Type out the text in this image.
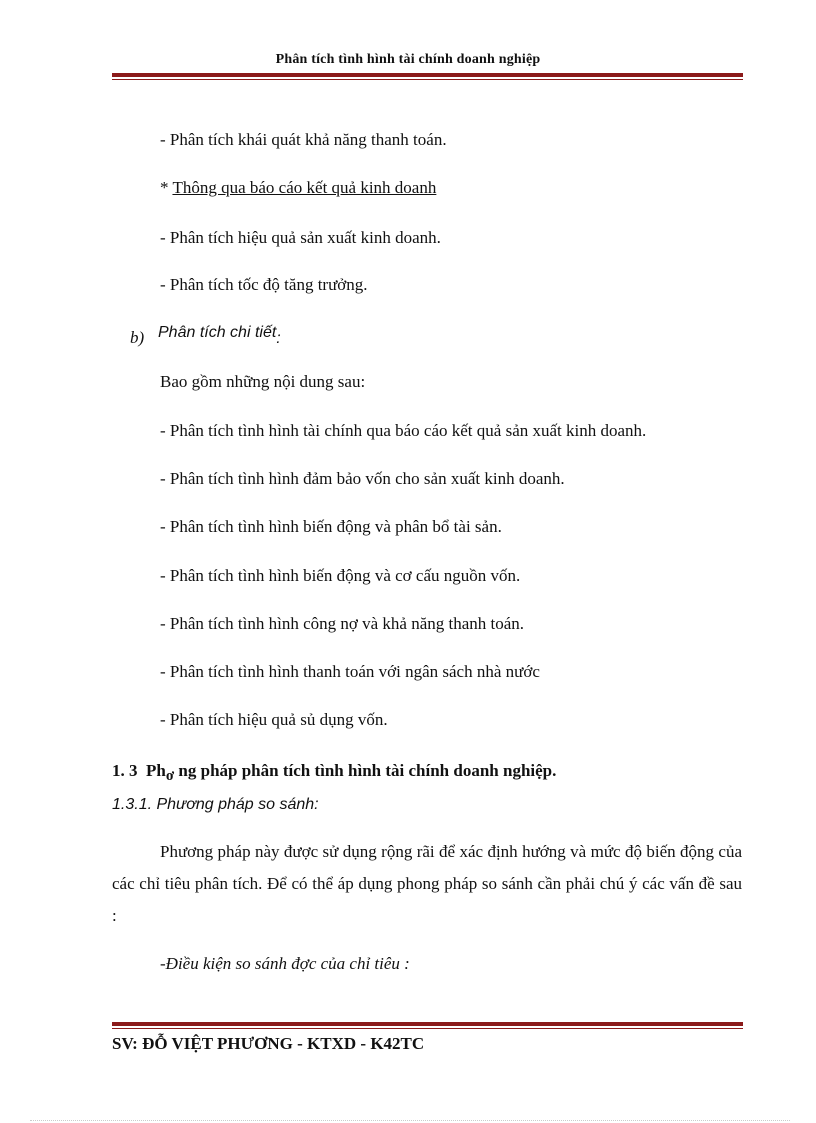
Phân tích tình hình tài chính doanh nghiệp
- Phân tích khái quát khả năng thanh toán.
* Thông qua báo cáo kết quả kinh doanh
- Phân tích hiệu quả sản xuất kinh doanh.
- Phân tích tốc độ tăng trưởng.
b) Phân tích chi tiết:
Bao gồm những nội dung sau:
- Phân tích tình hình tài chính qua báo cáo kết quả sản xuất kinh doanh.
- Phân tích tình hình đảm bảo vốn cho sản xuất kinh doanh.
- Phân tích tình hình biến động và phân bổ tài sản.
- Phân tích tình hình biến động và cơ cấu nguồn vốn.
- Phân tích tình hình công nợ và khả năng thanh toán.
- Phân tích tình hình thanh toán với ngân sách nhà nước
- Phân tích hiệu quả sủ dụng vốn.
1. 3 Phơ ng pháp phân tích tình hình tài chính doanh nghiệp.
1.3.1. Phương pháp so sánh:
Phương pháp này được sử dụng rộng rãi để xác định hướng và mức độ biến động của các chỉ tiêu phân tích. Để có thể áp dụng phong pháp so sánh cần phải chú ý các vấn đề sau :
-Điều kiện so sánh đợc của chỉ tiêu :
SV: ĐỖ VIỆT PHƯƠNG - KTXD - K42TC
